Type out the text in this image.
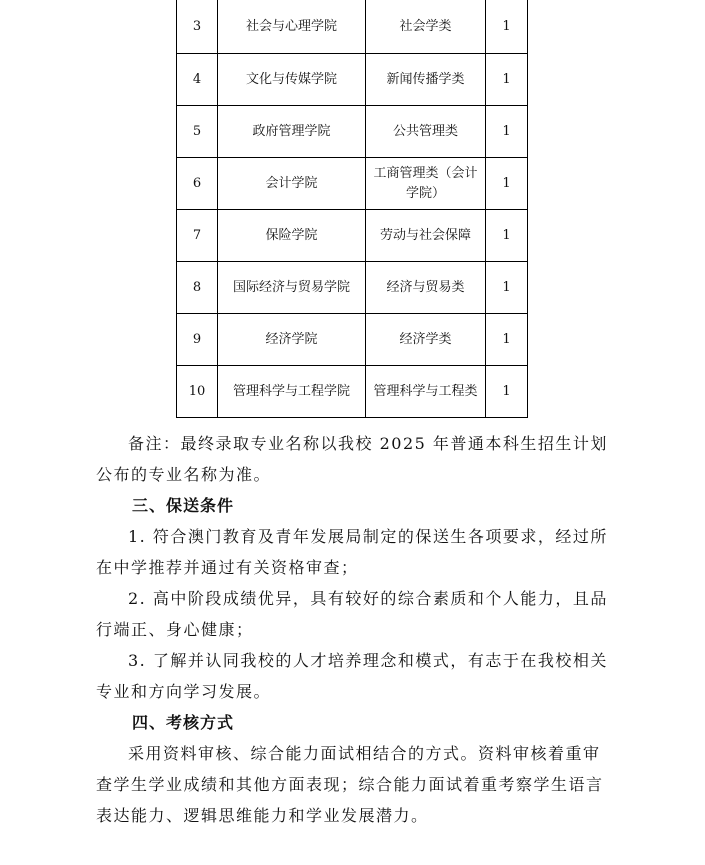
3	社会与心理学院	社会学类	1
4	文化与传媒学院	新闻传播学类	1
5	政府管理学院	公共管理类	1
6	会计学院	工商管理类（会计学院）	1
7	保险学院	劳动与社会保障	1
8	国际经济与贸易学院	经济与贸易类	1
9	经济学院	经济学类	1
10	管理科学与工程学院	管理科学与工程类	1

备注：最终录取专业名称以我校 2025 年普通本科生招生计划公布的专业名称为准。

三、保送条件

1. 符合澳门教育及青年发展局制定的保送生各项要求，经过所在中学推荐并通过有关资格审查；

2. 高中阶段成绩优异，具有较好的综合素质和个人能力，且品行端正、身心健康；

3. 了解并认同我校的人才培养理念和模式，有志于在我校相关专业和方向学习发展。

四、考核方式

采用资料审核、综合能力面试相结合的方式。资料审核着重审查学生学业成绩和其他方面表现；综合能力面试着重考察学生语言表达能力、逻辑思维能力和学业发展潜力。
